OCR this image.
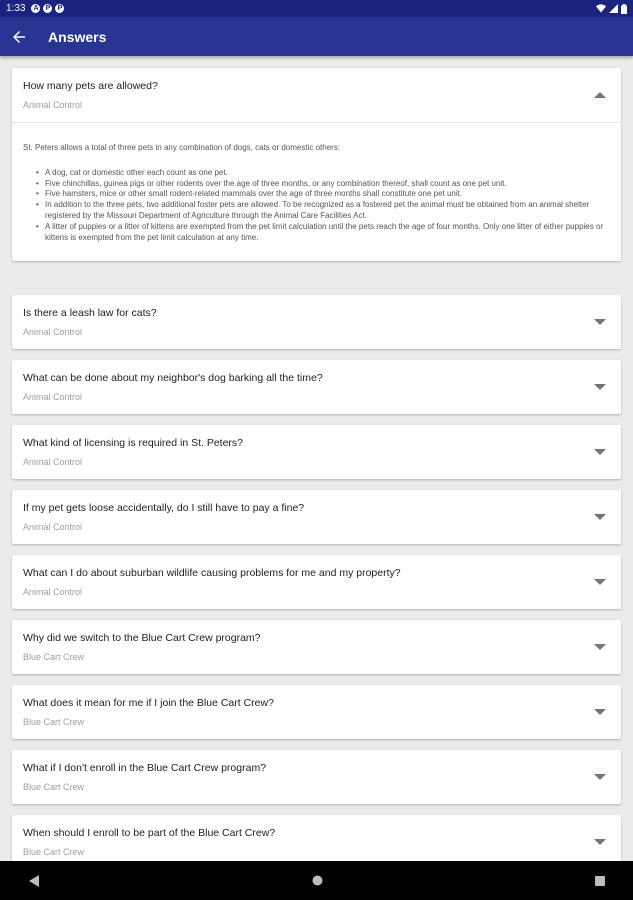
1:33 A	P	P
Answers
How many pets are allowed?
Animal Control

St. Peters allows a total of three pets in any combination of dogs, cats or domestic others:

• A dog, cat or domestic other each count as one pet.
• Five chinchillas, guinea pigs or other rodents over the age of three months, or any combination thereof, shall count as one pet unit.
• Five hamsters, mice or other small rodent-related mammals over the age of three months shall constitute one pet unit.
• In addition to the three pets, two additional foster pets are allowed. To be recognized as a fostered pet the animal must be obtained from an animal shelter registered by the Missouri Department of Agriculture through the Animal Care Facilities Act.
• A litter of puppies or a litter of kittens are exempted from the pet limit calculation until the pets reach the age of four months. Only one litter of either puppies or kittens is exempted from the pet limit calculation at any time.
Is there a leash law for cats?
Animal Control
What can be done about my neighbor's dog barking all the time?
Animal Control
What kind of licensing is required in St. Peters?
Animal Control
If my pet gets loose accidentally, do I still have to pay a fine?
Animal Control
What can I do about suburban wildlife causing problems for me and my property?
Animal Control
Why did we switch to the Blue Cart Crew program?
Blue Cart Crew
What does it mean for me if I join the Blue Cart Crew?
Blue Cart Crew
What if I don't enroll in the Blue Cart Crew program?
Blue Cart Crew
When should I enroll to be part of the Blue Cart Crew?
Blue Cart Crew
